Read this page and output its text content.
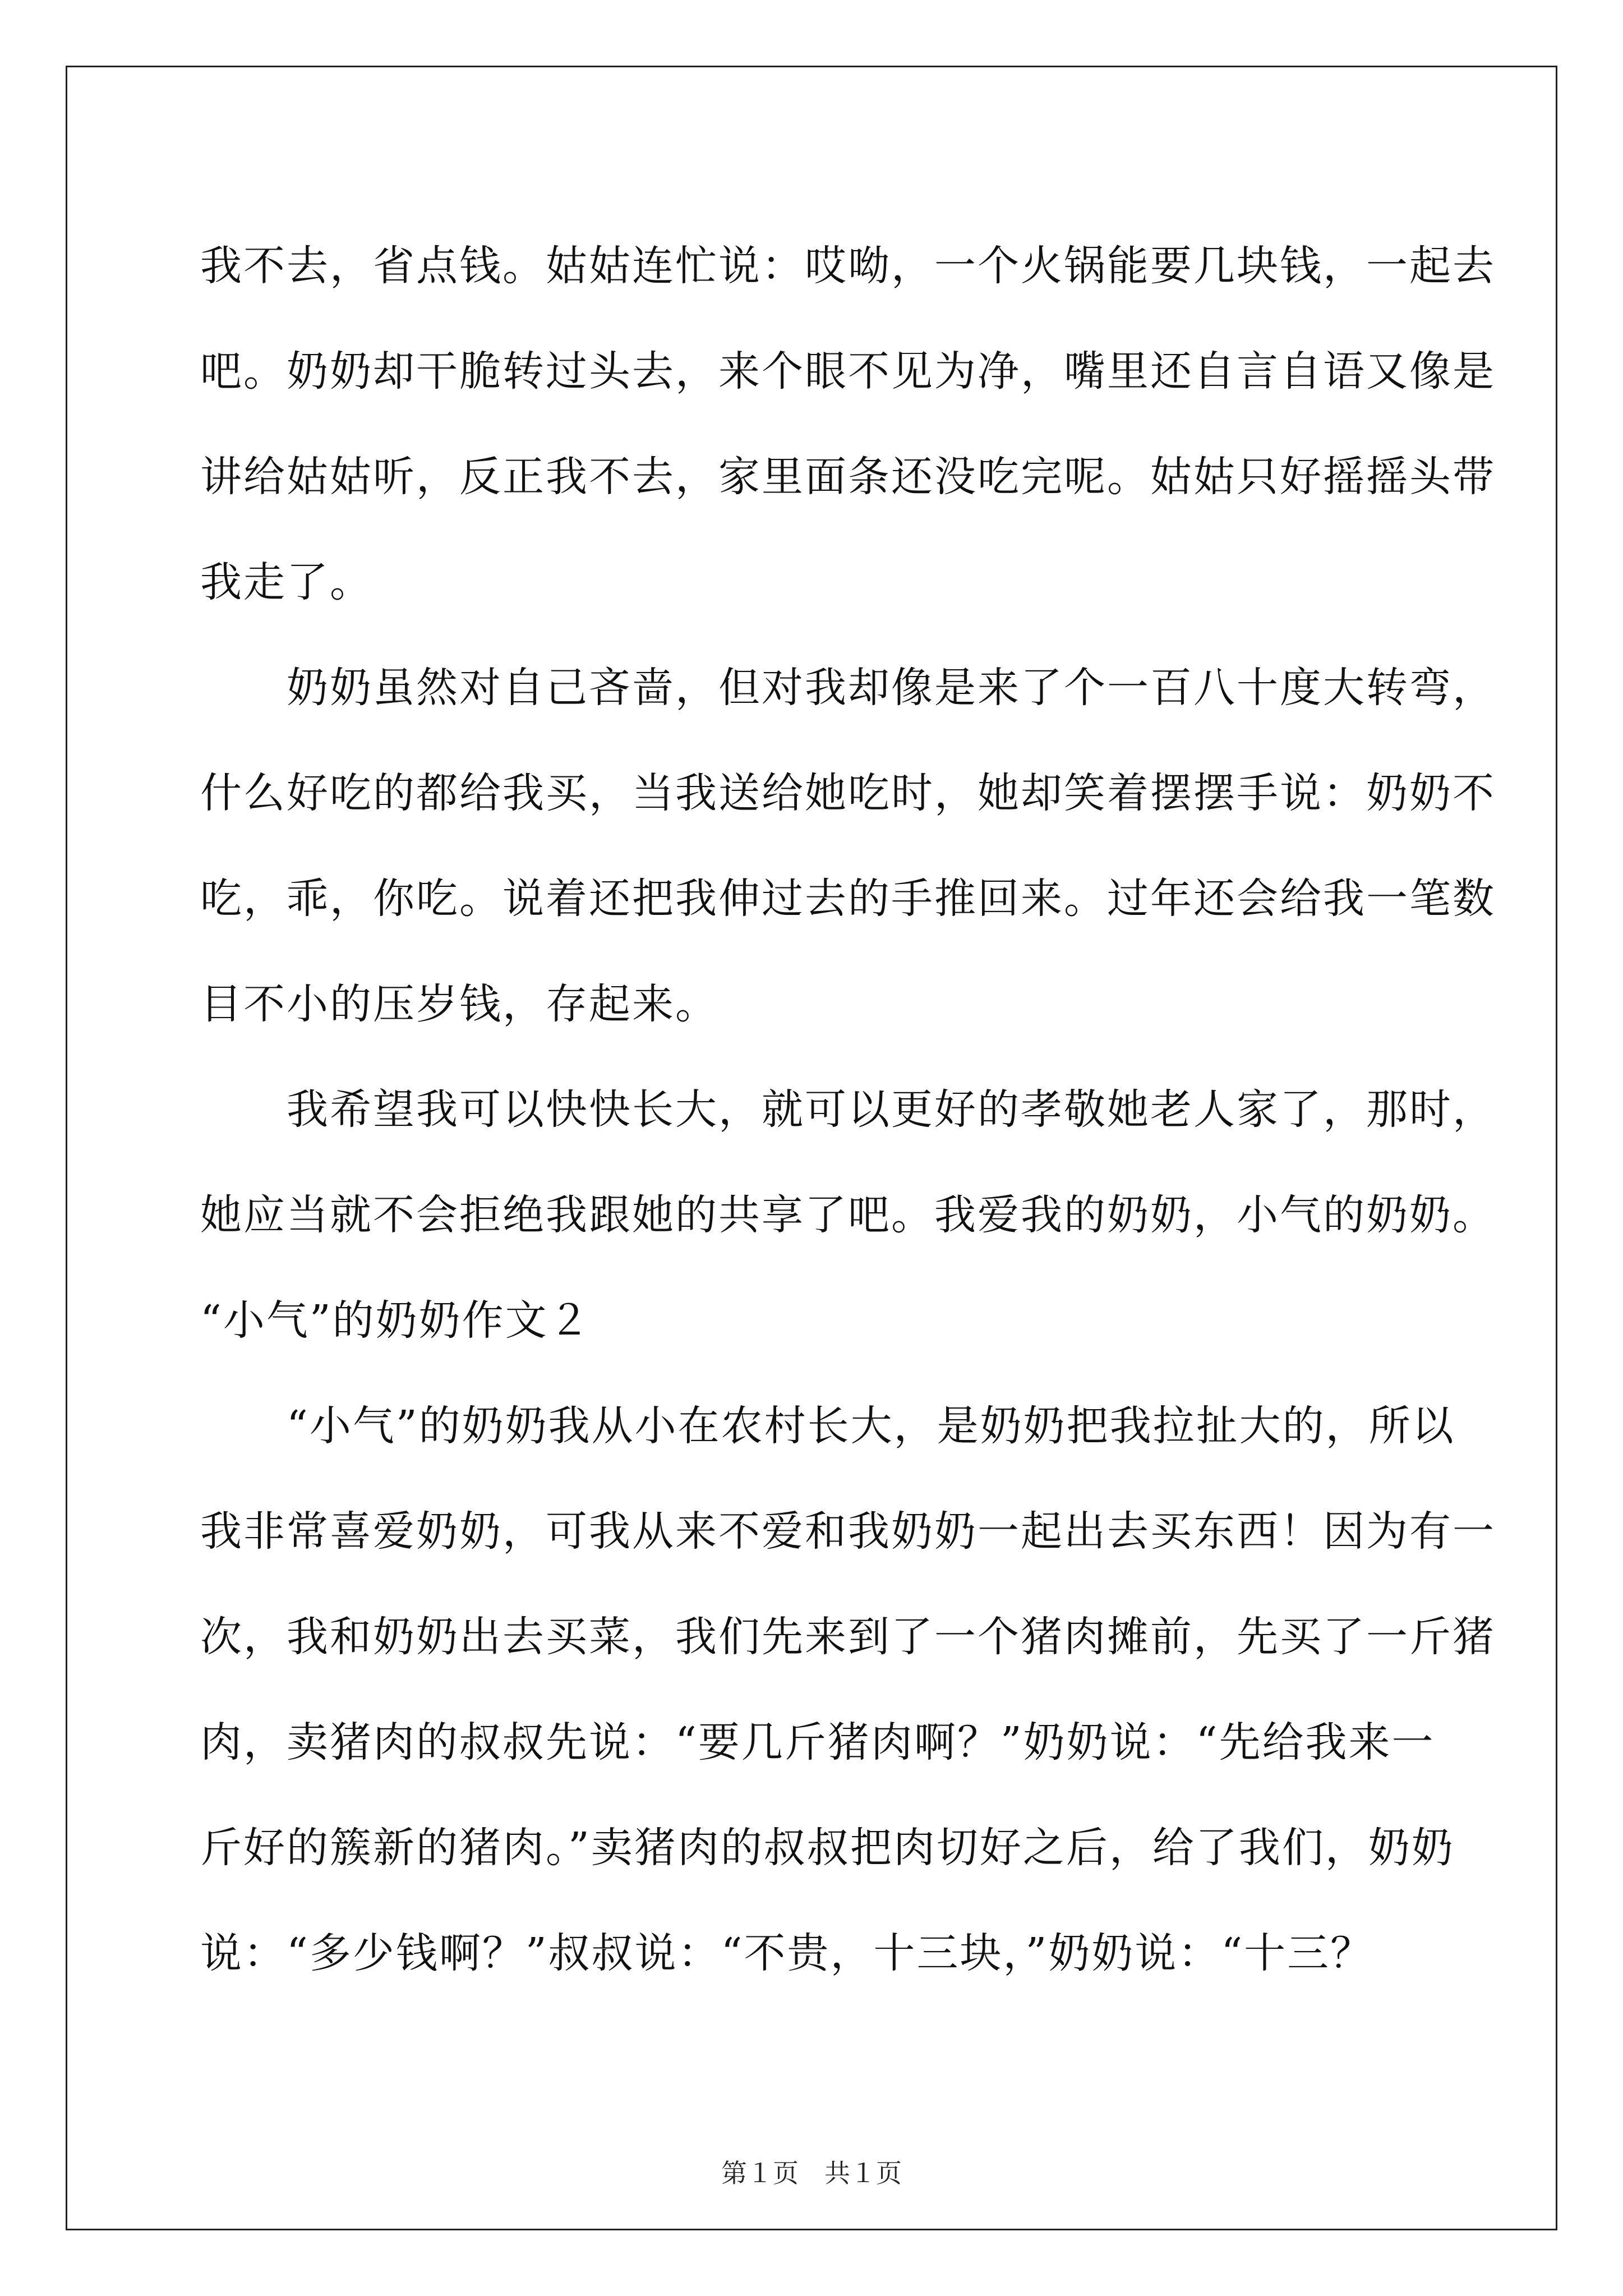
我不去，省点钱。姑姑连忙说：哎呦，一个火锅能要几块钱，一起去
吧。奶奶却干脆转过头去，来个眼不见为净，嘴里还自言自语又像是
讲给姑姑听，反正我不去，家里面条还没吃完呢。姑姑只好摇摇头带
我走了。
　　奶奶虽然对自己吝啬，但对我却像是来了个一百八十度大转弯，
什么好吃的都给我买，当我送给她吃时，她却笑着摆摆手说：奶奶不
吃，乖，你吃。说着还把我伸过去的手推回来。过年还会给我一笔数
目不小的压岁钱，存起来。
　　我希望我可以快快长大，就可以更好的孝敬她老人家了，那时，
她应当就不会拒绝我跟她的共享了吧。我爱我的奶奶，小气的奶奶。
“小气”的奶奶作文２
　　“小气”的奶奶我从小在农村长大，是奶奶把我拉扯大的，所以
我非常喜爱奶奶，可我从来不爱和我奶奶一起出去买东西！因为有一
次，我和奶奶出去买菜，我们先来到了一个猪肉摊前，先买了一斤猪
肉，卖猪肉的叔叔先说：“要几斤猪肉啊？”奶奶说：“先给我来一
斤好的簇新的猪肉。”卖猪肉的叔叔把肉切好之后，给了我们，奶奶
说：“多少钱啊？”叔叔说：“不贵，十三块，”奶奶说：“十三？
第１页　共１页
